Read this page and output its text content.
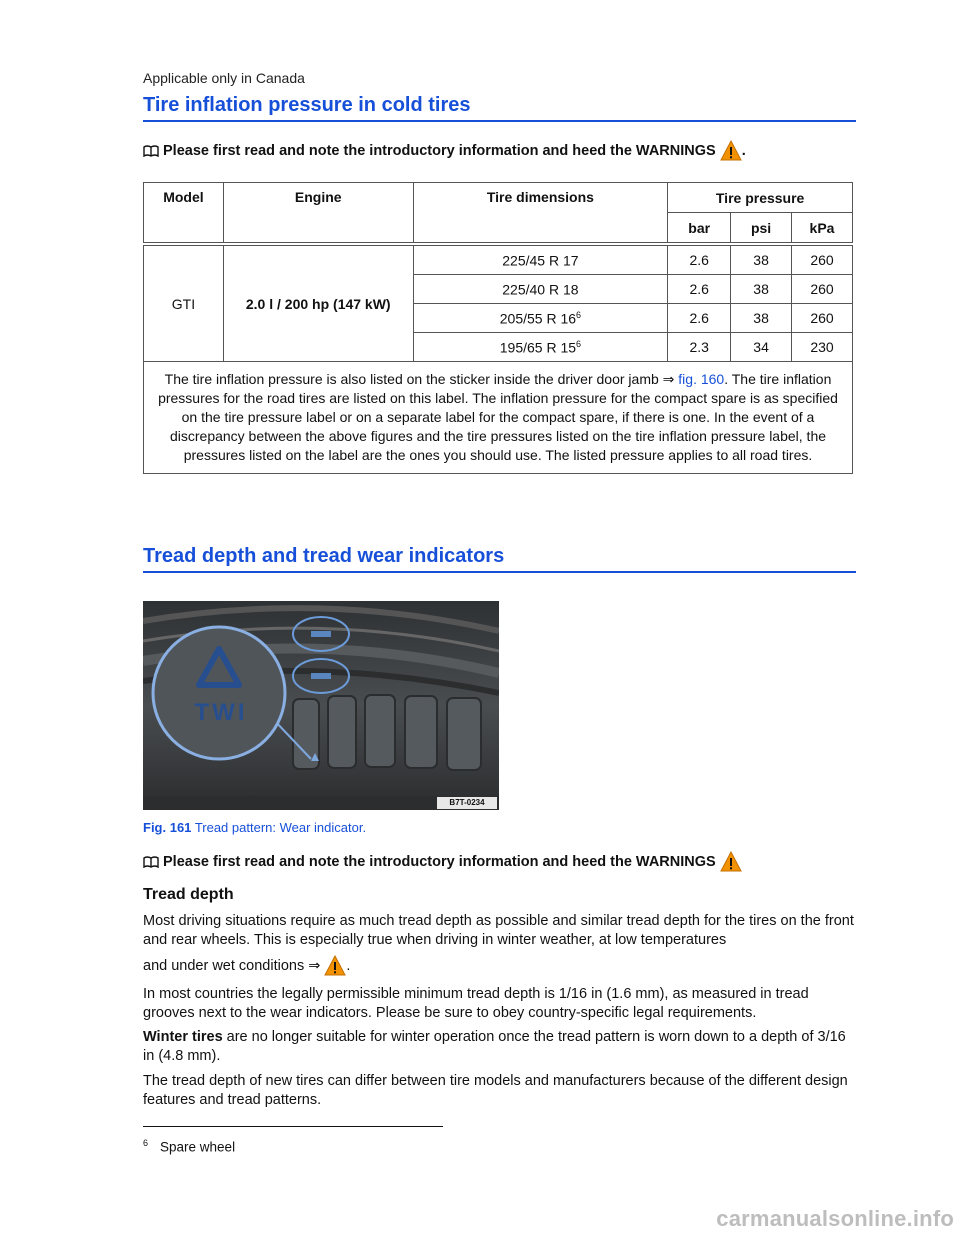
Applicable only in Canada
Tire inflation pressure in cold tires
Please first read and note the introductory information and heed the WARNINGS .
Model	Engine	Tire dimensions	Tire pressure		
			bar	psi	kPa

GTI	2.0 l / 200 hp (147 kW)	225/45 R 17	2.6	38	260
		225/40 R 18	2.6	38	260
		205/55 R $16^6$	2.6	38	260
		195/65 R $15^6$	2.3	34	230
The tire inflation pressure is also listed on the sticker inside the driver door jamb ⇒ fig. 160. The tire inflation pressures for the road tires are listed on this label. The inflation pressure for the compact spare is as specified on the tire pressure label or on a separate label for the compact spare, if there is one. In the event of a discrepancy between the above figures and the tire pressures listed on the tire inflation pressure label, the pressures listed on the label are the ones you should use. The listed pressure applies to all road tires.					
Tread depth and tread wear indicators
TWI
B7T-0234
Fig. 161 Tread pattern: Wear indicator.
Please first read and note the introductory information and heed the WARNINGS
Tread depth
Most driving situations require as much tread depth as possible and similar tread depth for the tires on the front and rear wheels. This is especially true when driving in winter weather, at low temperatures
and under wet conditions ⇒ .
In most countries the legally permissible minimum tread depth is 1/16 in (1.6 mm), as measured in tread grooves next to the wear indicators. Please be sure to obey country-specific legal requirements.
Winter tires are no longer suitable for winter operation once the tread pattern is worn down to a depth of 3/16 in (4.8 mm).
The tread depth of new tires can differ between tire models and manufacturers because of the different design features and tread patterns.
$^6$ Spare wheel
carmanualsonline.info
